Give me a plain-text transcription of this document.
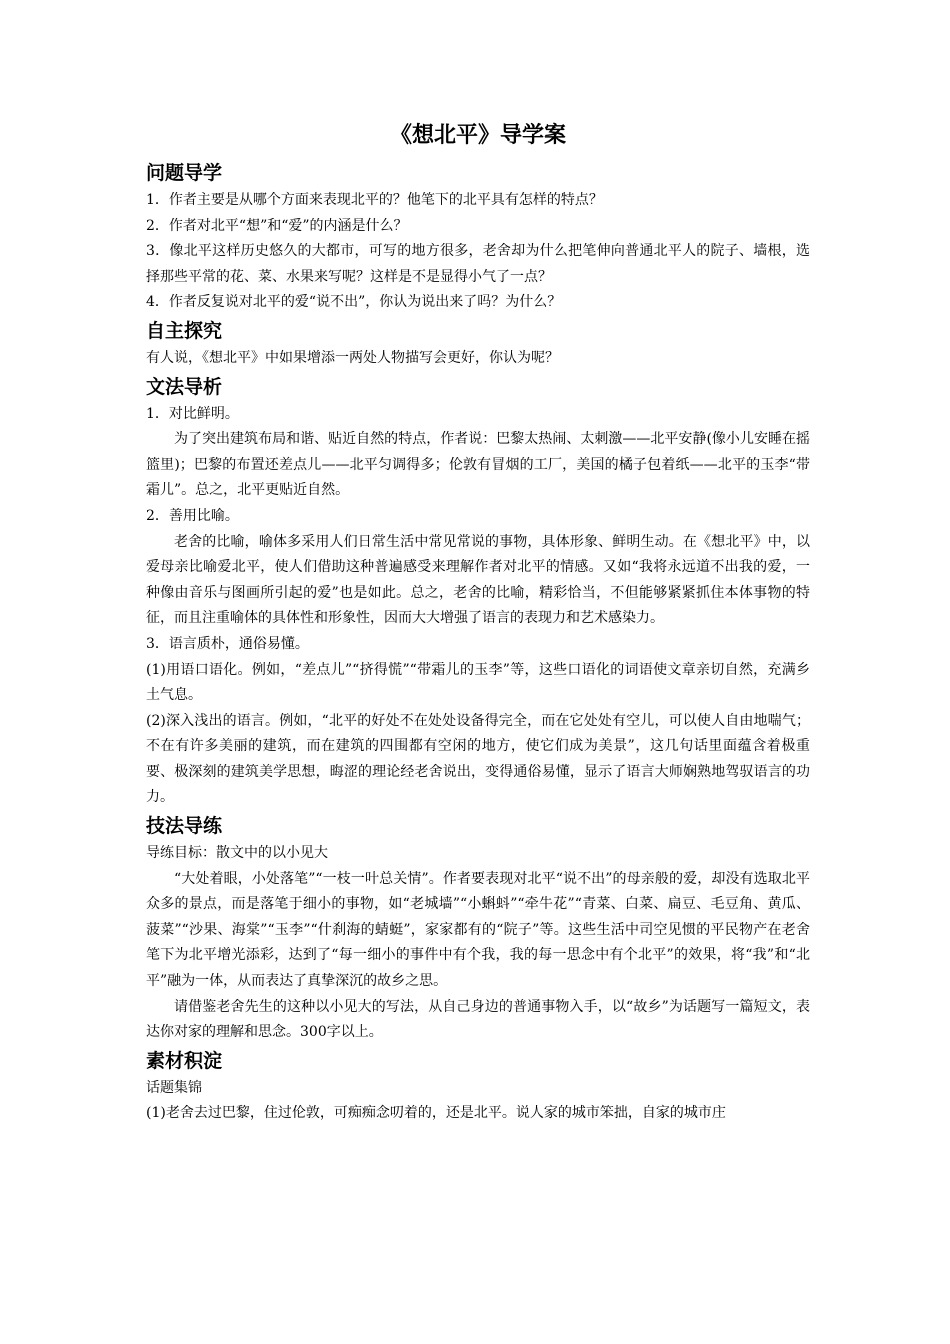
《想北平》导学案
问题导学

1．作者主要是从哪个方面来表现北平的？他笔下的北平具有怎样的特点？

2．作者对北平“想”和“爱”的内涵是什么？

3．像北平这样历史悠久的大都市，可写的地方很多，老舍却为什么把笔伸向普通北平人的院子、墙根，选择那些平常的花、菜、水果来写呢？这样是不是显得小气了一点？

4．作者反复说对北平的爱“说不出”，你认为说出来了吗？为什么？

自主探究

有人说，《想北平》中如果增添一两处人物描写会更好，你认为呢？

文法导析

1．对比鲜明。

为了突出建筑布局和谐、贴近自然的特点，作者说：巴黎太热闹、太刺激——北平安静(像小儿安睡在摇篮里)；巴黎的布置还差点儿——北平匀调得多；伦敦有冒烟的工厂，美国的橘子包着纸——北平的玉李“带霜儿”。总之，北平更贴近自然。

2．善用比喻。

老舍的比喻，喻体多采用人们日常生活中常见常说的事物，具体形象、鲜明生动。在《想北平》中，以爱母亲比喻爱北平，使人们借助这种普遍感受来理解作者对北平的情感。又如“我将永远道不出我的爱，一种像由音乐与图画所引起的爱”也是如此。总之，老舍的比喻，精彩恰当，不但能够紧紧抓住本体事物的特征，而且注重喻体的具体性和形象性，因而大大增强了语言的表现力和艺术感染力。

3．语言质朴，通俗易懂。

(1)用语口语化。例如，“差点儿”“挤得慌”“带霜儿的玉李”等，这些口语化的词语使文章亲切自然，充满乡土气息。

(2)深入浅出的语言。例如，“北平的好处不在处处设备得完全，而在它处处有空儿，可以使人自由地喘气；不在有许多美丽的建筑，而在建筑的四围都有空闲的地方，使它们成为美景”，这几句话里面蕴含着极重要、极深刻的建筑美学思想，晦涩的理论经老舍说出，变得通俗易懂，显示了语言大师娴熟地驾驭语言的功力。

技法导练

导练目标：散文中的以小见大

“大处着眼，小处落笔”“一枝一叶总关情”。作者要表现对北平“说不出”的母亲般的爱，却没有选取北平众多的景点，而是落笔于细小的事物，如“老城墙”“小蝌蚪”“牵牛花”“青菜、白菜、扁豆、毛豆角、黄瓜、菠菜”“沙果、海棠”“玉李”“什刹海的蜻蜓”，家家都有的“院子”等。这些生活中司空见惯的平民物产在老舍笔下为北平增光添彩，达到了“每一细小的事件中有个我，我的每一思念中有个北平”的效果，将“我”和“北平”融为一体，从而表达了真挚深沉的故乡之思。

请借鉴老舍先生的这种以小见大的写法，从自己身边的普通事物入手，以“故乡”为话题写一篇短文，表达你对家的理解和思念。300字以上。

素材积淀

话题集锦

(1)老舍去过巴黎，住过伦敦，可痴痴念叨着的，还是北平。说人家的城市笨拙，自家的城市庄
